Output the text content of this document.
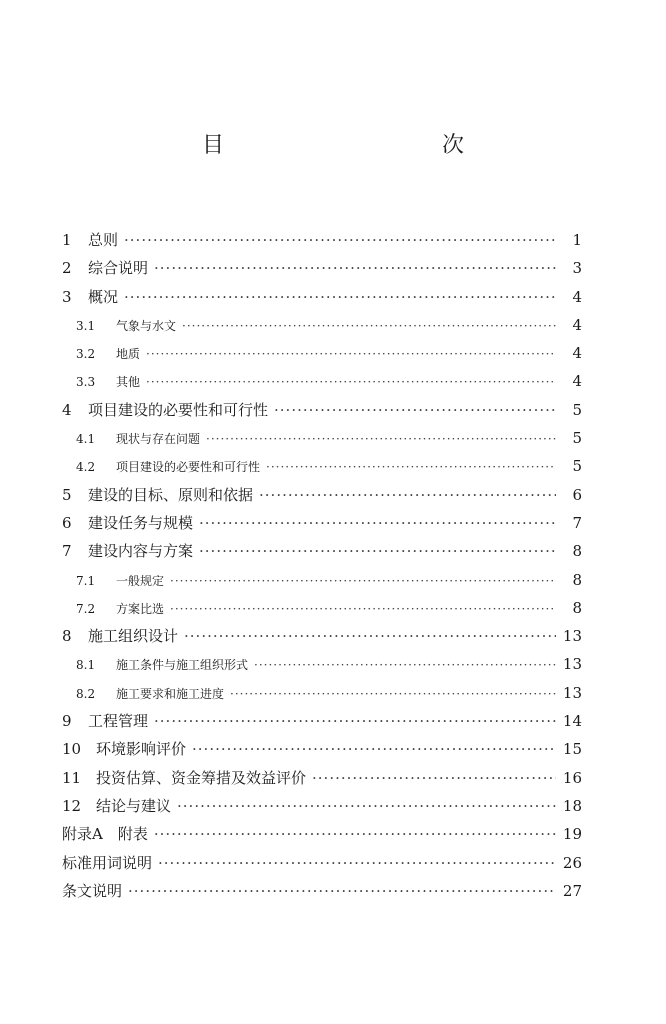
目　　次
1	总则 ·····	1
2	综合说明 ·····	3
3	概况 ·····	4
3.1	气象与水文 ·····	4
3.2	地质 ·····	4
3.3	其他 ·····	4
4	项目建设的必要性和可行性 ·····	5
4.1	现状与存在问题 ·····	5
4.2	项目建设的必要性和可行性 ·····	5
5	建设的目标、原则和依据 ·····	6
6	建设任务与规模 ·····	7
7	建设内容与方案 ·····	8
7.1	一般规定 ·····	8
7.2	方案比选 ·····	8
8	施工组织设计 ·····	13
8.1	施工条件与施工组织形式 ·····	13
8.2	施工要求和施工进度 ·····	13
9	工程管理 ·····	14
10 环境影响评价 ·····	15
11 投资估算、资金筹措及效益评价 ·····	16
12 结论与建议 ·····	18
附录A　附表 ·····	19
标准用词说明 ·····	26
条文说明 ·····	27
